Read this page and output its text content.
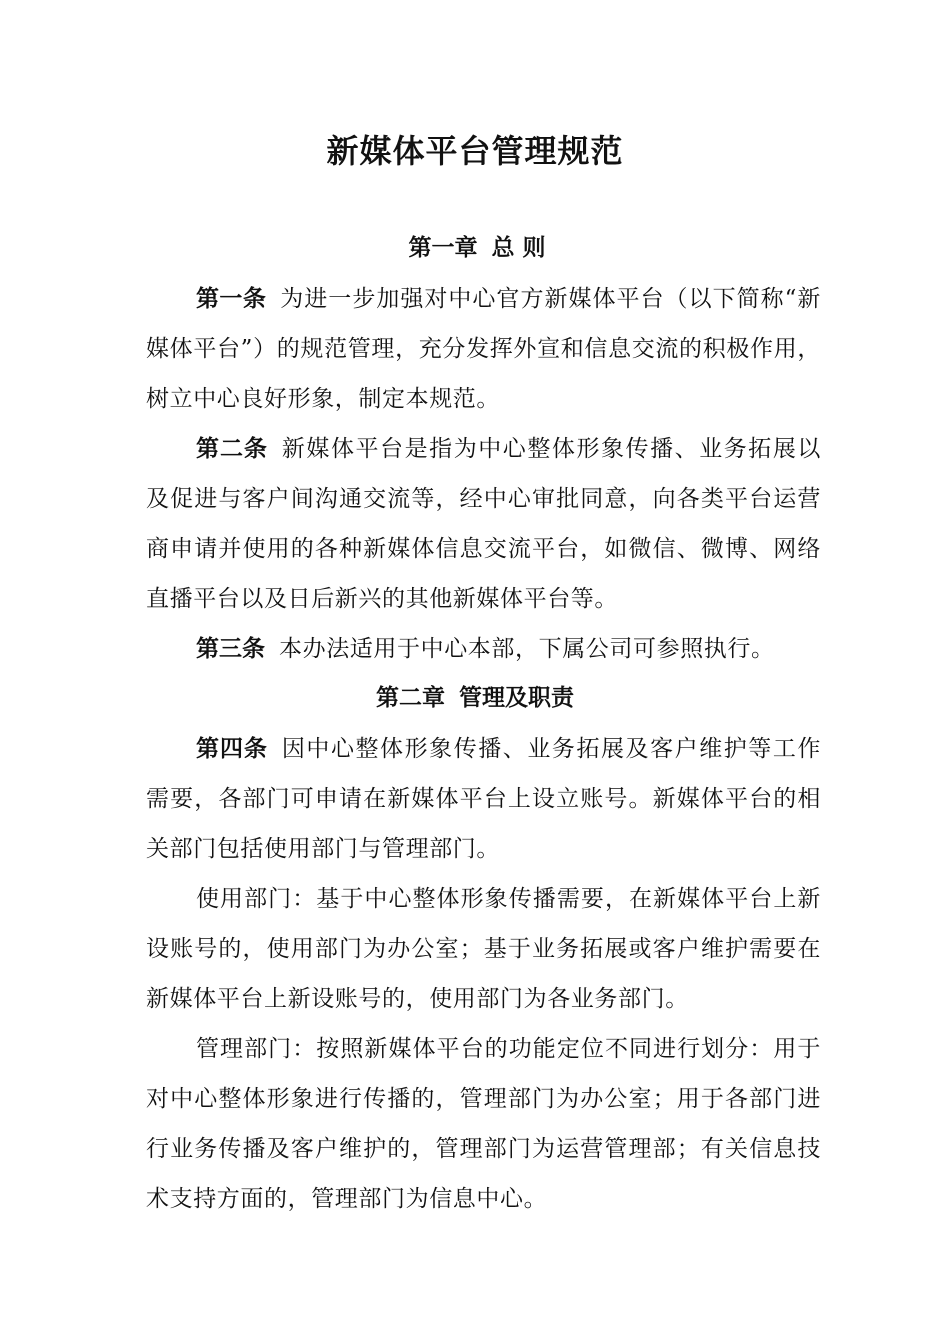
新媒体平台管理规范
第一章 总 则

第一条 为进一步加强对中心官方新媒体平台（以下简称“新媒体平台”）的规范管理，充分发挥外宣和信息交流的积极作用，树立中心良好形象，制定本规范。

第二条 新媒体平台是指为中心整体形象传播、业务拓展以及促进与客户间沟通交流等，经中心审批同意，向各类平台运营商申请并使用的各种新媒体信息交流平台，如微信、微博、网络直播平台以及日后新兴的其他新媒体平台等。

第三条 本办法适用于中心本部，下属公司可参照执行。

第二章 管理及职责

第四条 因中心整体形象传播、业务拓展及客户维护等工作需要，各部门可申请在新媒体平台上设立账号。新媒体平台的相关部门包括使用部门与管理部门。

使用部门：基于中心整体形象传播需要，在新媒体平台上新设账号的，使用部门为办公室；基于业务拓展或客户维护需要在新媒体平台上新设账号的，使用部门为各业务部门。

管理部门：按照新媒体平台的功能定位不同进行划分：用于对中心整体形象进行传播的，管理部门为办公室；用于各部门进行业务传播及客户维护的，管理部门为运营管理部；有关信息技术支持方面的，管理部门为信息中心。
